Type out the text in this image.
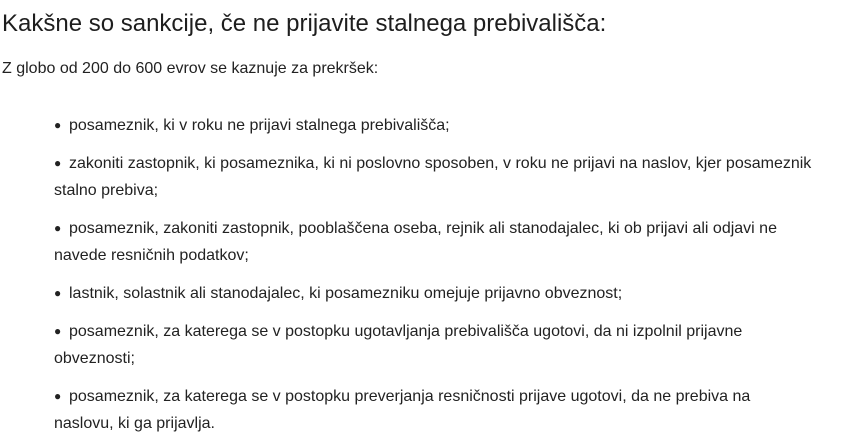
Kakšne so sankcije, če ne prijavite stalnega prebivališča:

Z globo od 200 do 600 evrov se kaznuje za prekršek:

● posameznik, ki v roku ne prijavi stalnega prebivališča;
● zakoniti zastopnik, ki posameznika, ki ni poslovno sposoben, v roku ne prijavi na naslov, kjer posameznik stalno prebiva;
● posameznik, zakoniti zastopnik, pooblaščena oseba, rejnik ali stanodajalec, ki ob prijavi ali odjavi ne navede resničnih podatkov;
● lastnik, solastnik ali stanodajalec, ki posamezniku omejuje prijavno obveznost;
● posameznik, za katerega se v postopku ugotavljanja prebivališča ugotovi, da ni izpolnil prijavne obveznosti;
● posameznik, za katerega se v postopku preverjanja resničnosti prijave ugotovi, da ne prebiva na naslovu, ki ga prijavlja.
